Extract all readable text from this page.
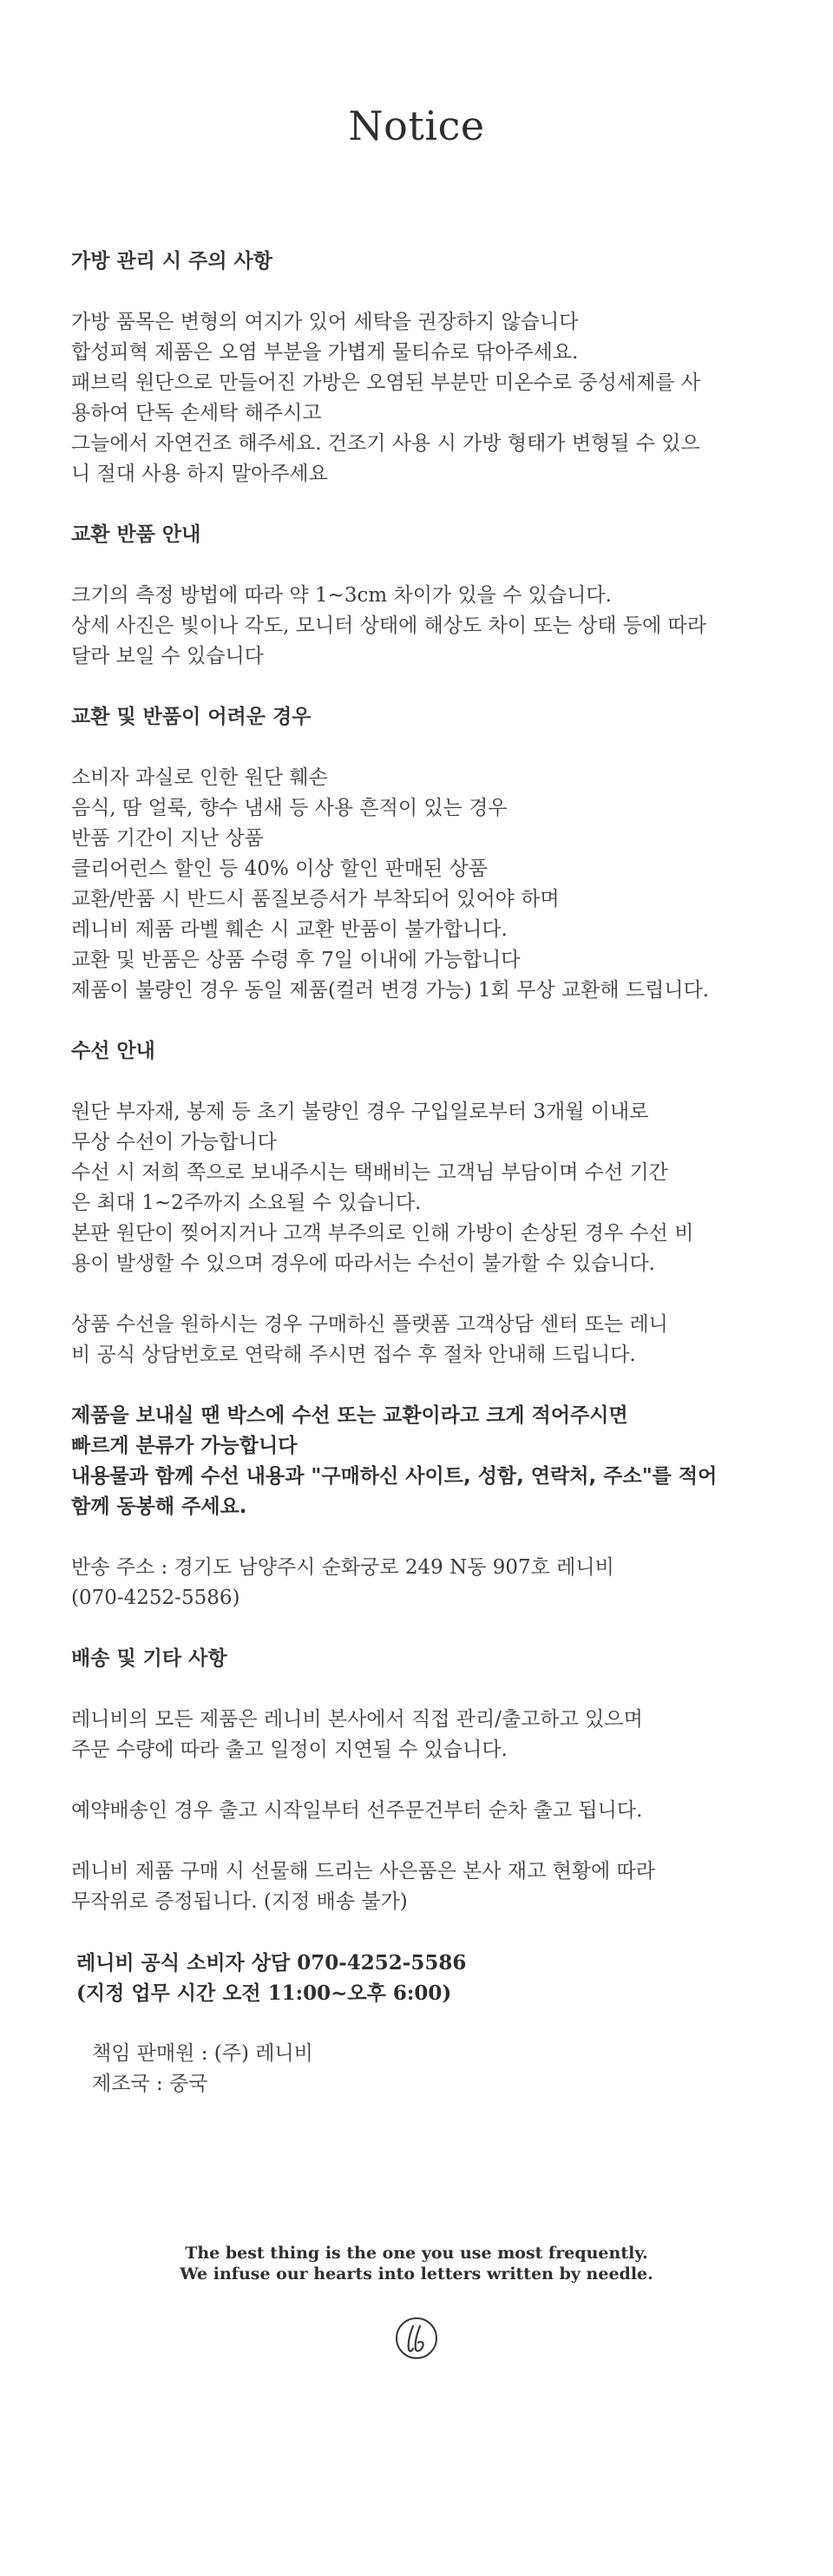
Notice
가방 관리 시 주의 사항
가방 품목은 변형의 여지가 있어 세탁을 권장하지 않습니다
합성피혁 제품은 오염 부분을 가볍게 물티슈로 닦아주세요.
패브릭 원단으로 만들어진 가방은 오염된 부분만 미온수로 중성세제를 사
용하여 단독 손세탁 해주시고
그늘에서 자연건조 해주세요. 건조기 사용 시 가방 형태가 변형될 수 있으
니 절대 사용 하지 말아주세요
교환 반품 안내
크기의 측정 방법에 따라 약 1~3cm 차이가 있을 수 있습니다.
상세 사진은 빛이나 각도, 모니터 상태에 해상도 차이 또는 상태 등에 따라
달라 보일 수 있습니다
교환 및 반품이 어려운 경우
소비자 과실로 인한 원단 훼손
음식, 땀 얼룩, 향수 냄새 등 사용 흔적이 있는 경우
반품 기간이 지난 상품
클리어런스 할인 등 40% 이상 할인 판매된 상품
교환/반품 시 반드시 품질보증서가 부착되어 있어야 하며
레니비 제품 라벨 훼손 시 교환 반품이 불가합니다.
교환 및 반품은 상품 수령 후 7일 이내에 가능합니다
제품이 불량인 경우 동일 제품(컬러 변경 가능) 1회 무상 교환해 드립니다.
수선 안내
원단 부자재, 봉제 등 초기 불량인 경우 구입일로부터 3개월 이내로
무상 수선이 가능합니다
수선 시 저희 쪽으로 보내주시는 택배비는 고객님 부담이며 수선 기간
은 최대 1~2주까지 소요될 수 있습니다.
본판 원단이 찢어지거나 고객 부주의로 인해 가방이 손상된 경우 수선 비
용이 발생할 수 있으며 경우에 따라서는 수선이 불가할 수 있습니다.
상품 수선을 원하시는 경우 구매하신 플랫폼 고객상담 센터 또는 레니
비 공식 상담번호로 연락해 주시면 접수 후 절차 안내해 드립니다.
제품을 보내실 땐 박스에 수선 또는 교환이라고 크게 적어주시면
빠르게 분류가 가능합니다
내용물과 함께 수선 내용과 "구매하신 사이트, 성함, 연락처, 주소"를 적어
함께 동봉해 주세요.
반송 주소 : 경기도 남양주시 순화궁로 249 N동 907호 레니비
(070-4252-5586)
배송 및 기타 사항
레니비의 모든 제품은 레니비 본사에서 직접 관리/출고하고 있으며
주문 수량에 따라 출고 일정이 지연될 수 있습니다.
예약배송인 경우 출고 시작일부터 선주문건부터 순차 출고 됩니다.
레니비 제품 구매 시 선물해 드리는 사은품은 본사 재고 현황에 따라
무작위로 증정됩니다. (지정 배송 불가)
레니비 공식 소비자 상담 070-4252-5586
(지정 업무 시간 오전 11:00~오후 6:00)
책임 판매원 : (주) 레니비
제조국 : 중국
The best thing is the one you use most frequently.
We infuse our hearts into letters written by needle.
